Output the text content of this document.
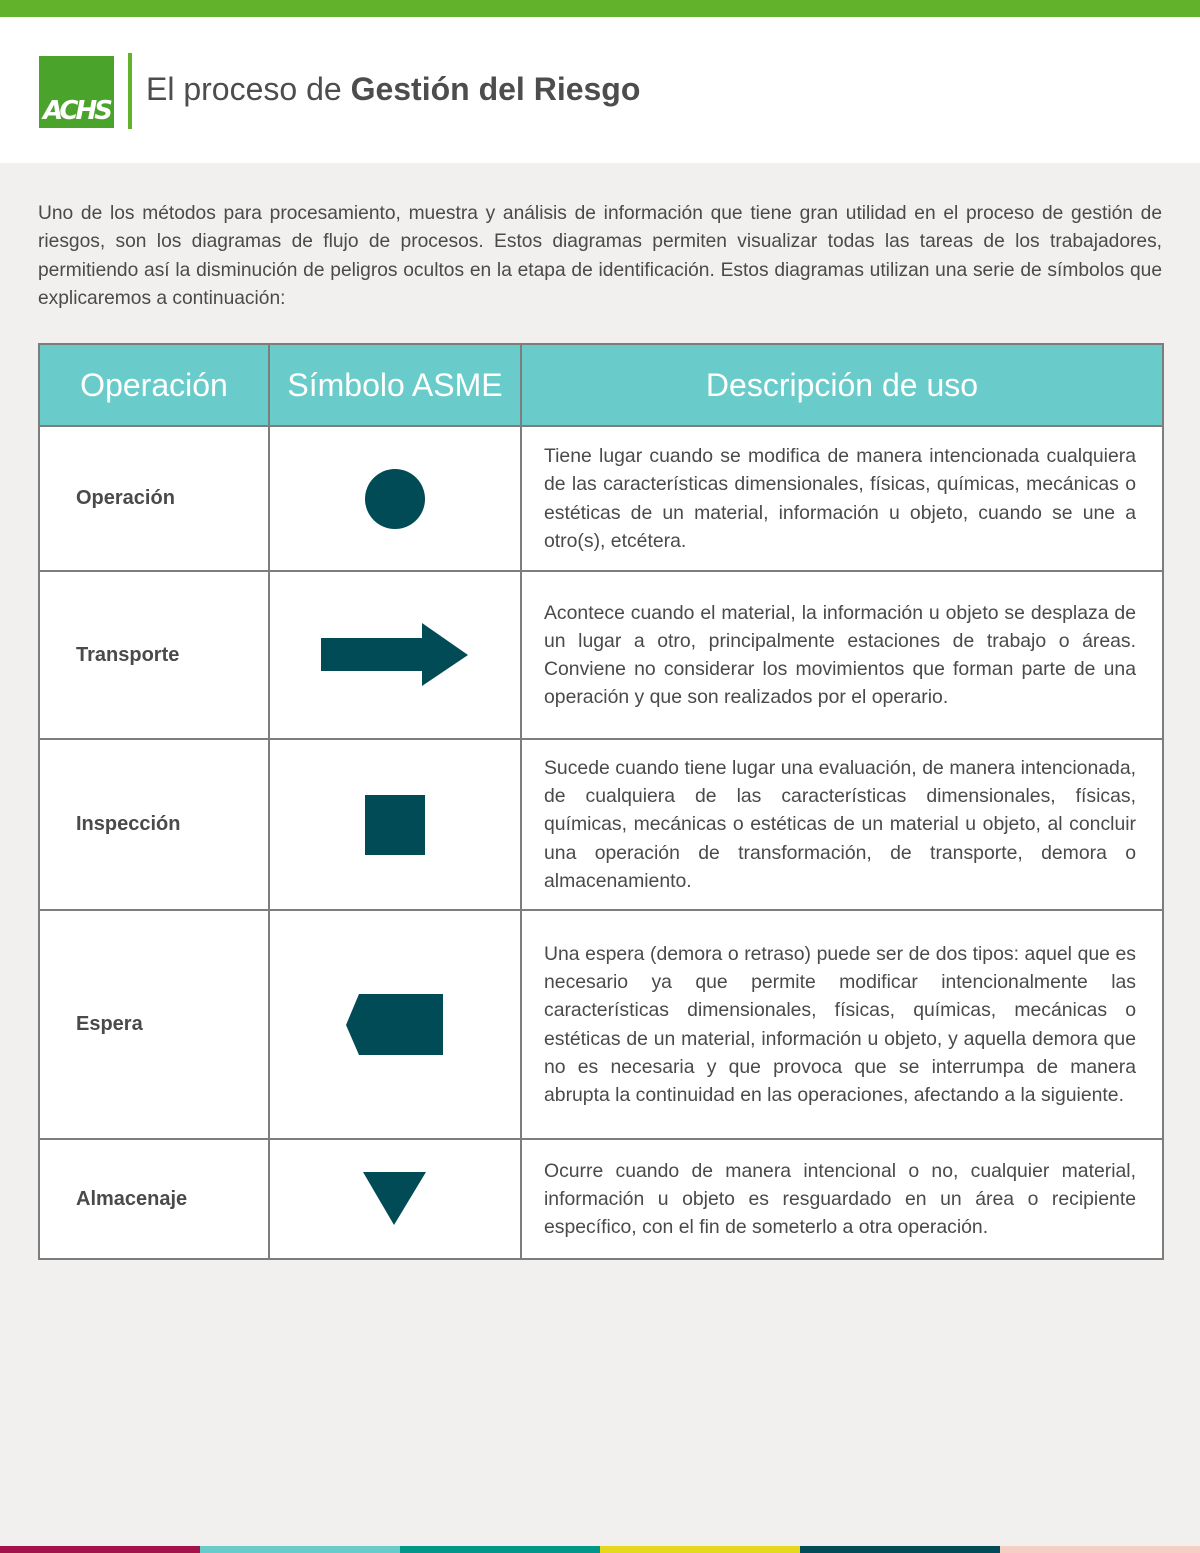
ACHS
El proceso de Gestión del Riesgo

Uno de los métodos para procesamiento, muestra y análisis de información que tiene gran utilidad en el proceso de gestión de riesgos, son los diagramas de flujo de procesos. Estos diagramas permiten visualizar todas las tareas de los trabajadores, permitiendo así la disminución de peligros ocultos en la etapa de identificación. Estos diagramas utilizan una serie de símbolos que explicaremos a continuación:

Operación	Símbolo ASME	Descripción de uso
Operación		Tiene lugar cuando se modifica de manera intencionada cualquiera de las características dimensionales, físicas, químicas, mecánicas o estéticas de un material, información u objeto, cuando se une a otro(s), etcétera.
Transporte		Acontece cuando el material, la información u objeto se desplaza de un lugar a otro, principalmente estaciones de trabajo o áreas. Conviene no considerar los movimientos que forman parte de una operación y que son realizados por el operario.
Inspección		Sucede cuando tiene lugar una evaluación, de manera intencionada, de cualquiera de las características dimensionales, físicas, químicas, mecánicas o estéticas de un material u objeto, al concluir una operación de transformación, de transporte, demora o almacenamiento.
Espera		Una espera (demora o retraso) puede ser de dos tipos: aquel que es necesario ya que permite modificar intencionalmente las características dimensionales, físicas, químicas, mecánicas o estéticas de un material, información u objeto, y aquella demora que no es necesaria y que provoca que se interrumpa de manera abrupta la continuidad en las operaciones, afectando a la siguiente.
Almacenaje		Ocurre cuando de manera intencional o no, cualquier material, información u objeto es resguardado en un área o recipiente específico, con el fin de someterlo a otra operación.
